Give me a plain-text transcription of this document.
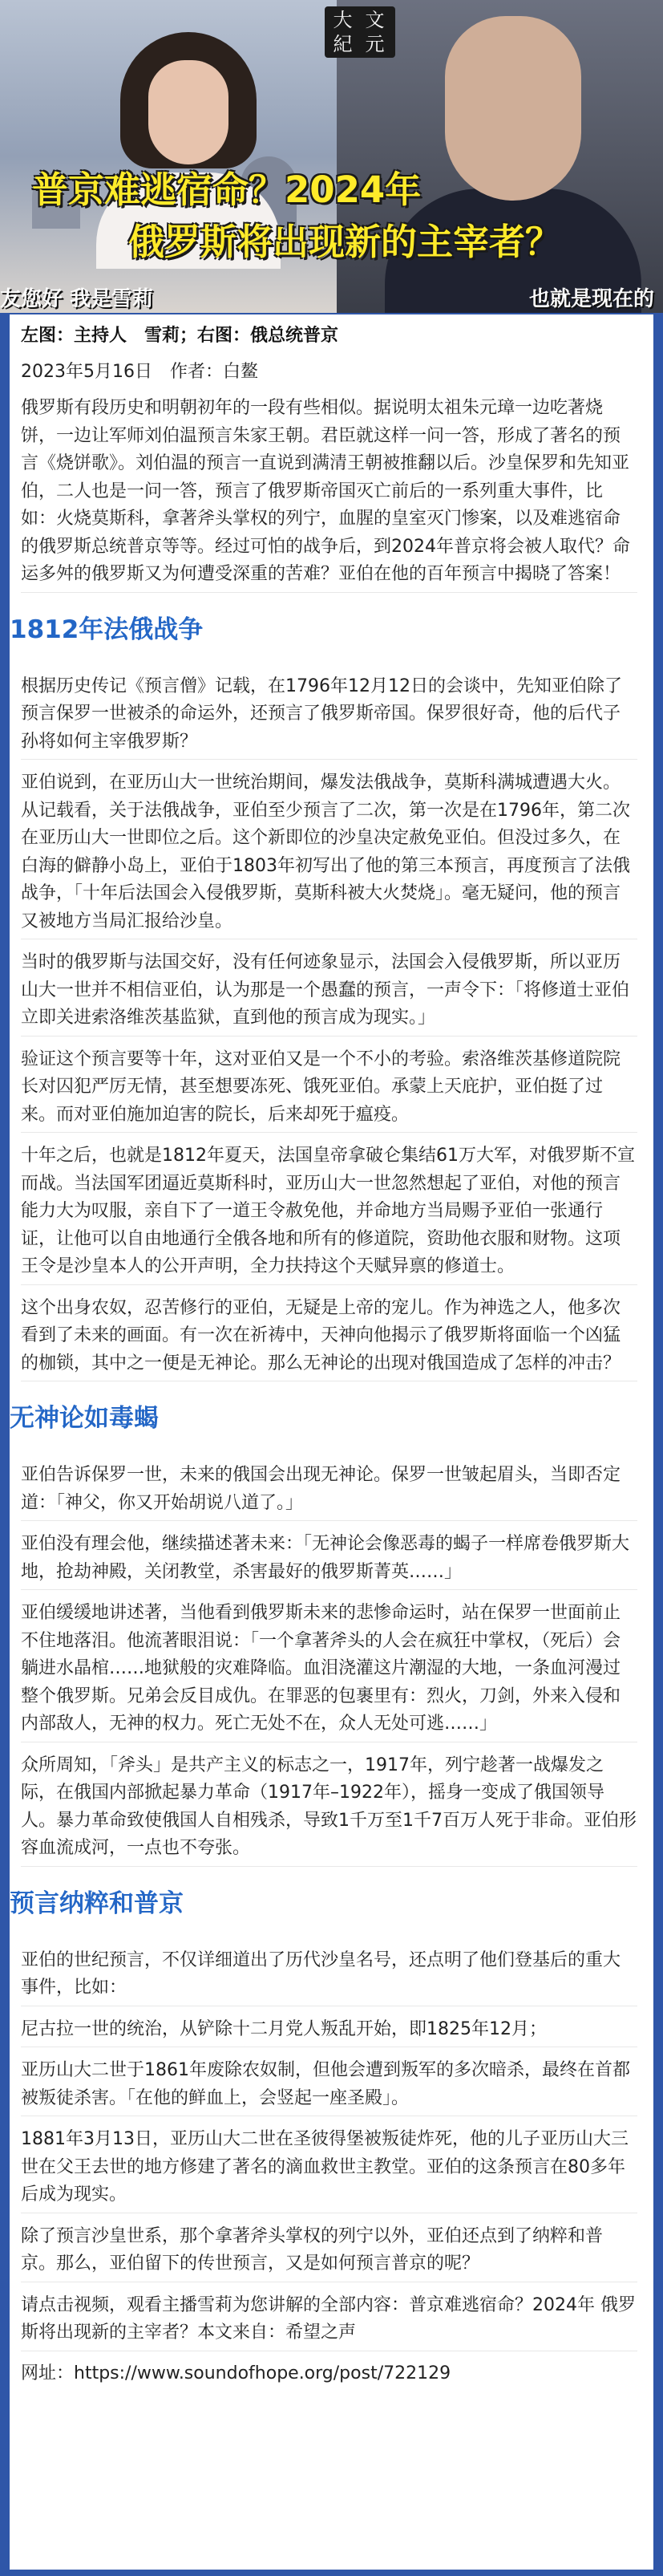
大 文
紀 元
普京难逃宿命？2024年
俄罗斯将出现新的主宰者？
友您好 我是雪莉	也就是现在的
左图：主持人　雪莉；右图：俄总统普京
2023年5月16日　作者：白鳌
俄罗斯有段历史和明朝初年的一段有些相似。据说明太祖朱元璋一边吃著烧饼，一边让军师刘伯温预言朱家王朝。君臣就这样一问一答，形成了著名的预言《烧饼歌》。刘伯温的预言一直说到满清王朝被推翻以后。沙皇保罗和先知亚伯，二人也是一问一答，预言了俄罗斯帝国灭亡前后的一系列重大事件，比如：火烧莫斯科，拿著斧头掌权的列宁，血腥的皇室灭门惨案，以及难逃宿命的俄罗斯总统普京等等。经过可怕的战争后，到2024年普京将会被人取代？命运多舛的俄罗斯又为何遭受深重的苦难？亚伯在他的百年预言中揭晓了答案！
1812年法俄战争
根据历史传记《预言僧》记载，在1796年12月12日的会谈中，先知亚伯除了预言保罗一世被杀的命运外，还预言了俄罗斯帝国。保罗很好奇，他的后代子孙将如何主宰俄罗斯？
亚伯说到，在亚历山大一世统治期间，爆发法俄战争，莫斯科满城遭遇大火。从记载看，关于法俄战争，亚伯至少预言了二次，第一次是在1796年，第二次在亚历山大一世即位之后。这个新即位的沙皇决定赦免亚伯。但没过多久，在白海的僻静小岛上，亚伯于1803年初写出了他的第三本预言，再度预言了法俄战争，「十年后法国会入侵俄罗斯，莫斯科被大火焚烧」。毫无疑问，他的预言又被地方当局汇报给沙皇。
当时的俄罗斯与法国交好，没有任何迹象显示，法国会入侵俄罗斯，所以亚历山大一世并不相信亚伯，认为那是一个愚蠢的预言，一声令下：「将修道士亚伯立即关进索洛维茨基监狱，直到他的预言成为现实。」
验证这个预言要等十年，这对亚伯又是一个不小的考验。索洛维茨基修道院院长对囚犯严厉无情，甚至想要冻死、饿死亚伯。承蒙上天庇护，亚伯挺了过来。而对亚伯施加迫害的院长，后来却死于瘟疫。
十年之后，也就是1812年夏天，法国皇帝拿破仑集结61万大军，对俄罗斯不宣而战。当法国军团逼近莫斯科时，亚历山大一世忽然想起了亚伯，对他的预言能力大为叹服，亲自下了一道王令赦免他，并命地方当局赐予亚伯一张通行证，让他可以自由地通行全俄各地和所有的修道院，资助他衣服和财物。这项王令是沙皇本人的公开声明，全力扶持这个天赋异禀的修道士。
这个出身农奴，忍苦修行的亚伯，无疑是上帝的宠儿。作为神选之人，他多次看到了未来的画面。有一次在祈祷中，天神向他揭示了俄罗斯将面临一个凶猛的枷锁，其中之一便是无神论。那么无神论的出现对俄国造成了怎样的冲击？
无神论如毒蝎
亚伯告诉保罗一世，未来的俄国会出现无神论。保罗一世皱起眉头，当即否定道：「神父，你又开始胡说八道了。」
亚伯没有理会他，继续描述著未来：「无神论会像恶毒的蝎子一样席卷俄罗斯大地，抢劫神殿，关闭教堂，杀害最好的俄罗斯菁英……」
亚伯缓缓地讲述著，当他看到俄罗斯未来的悲惨命运时，站在保罗一世面前止不住地落泪。他流著眼泪说：「一个拿著斧头的人会在疯狂中掌权，（死后）会躺进水晶棺……地狱般的灾难降临。血泪浇灌这片潮湿的大地，一条血河漫过整个俄罗斯。兄弟会反目成仇。在罪恶的包裹里有：烈火，刀剑，外来入侵和内部敌人，无神的权力。死亡无处不在，众人无处可逃……」
众所周知，「斧头」是共产主义的标志之一，1917年，列宁趁著一战爆发之际，在俄国内部掀起暴力革命（1917年–1922年），摇身一变成了俄国领导人。暴力革命致使俄国人自相残杀，导致1千万至1千7百万人死于非命。亚伯形容血流成河，一点也不夸张。
预言纳粹和普京
亚伯的世纪预言，不仅详细道出了历代沙皇名号，还点明了他们登基后的重大事件，比如：
尼古拉一世的统治，从铲除十二月党人叛乱开始，即1825年12月；
亚历山大二世于1861年废除农奴制，但他会遭到叛军的多次暗杀，最终在首都被叛徒杀害。「在他的鲜血上，会竖起一座圣殿」。
1881年3月13日，亚历山大二世在圣彼得堡被叛徒炸死，他的儿子亚历山大三世在父王去世的地方修建了著名的滴血救世主教堂。亚伯的这条预言在80多年后成为现实。
除了预言沙皇世系，那个拿著斧头掌权的列宁以外，亚伯还点到了纳粹和普京。那么，亚伯留下的传世预言，又是如何预言普京的呢？
请点击视频，观看主播雪莉为您讲解的全部内容：普京难逃宿命？2024年 俄罗斯将出现新的主宰者？本文来自：希望之声
网址：https://www.soundofhope.org/post/722129
